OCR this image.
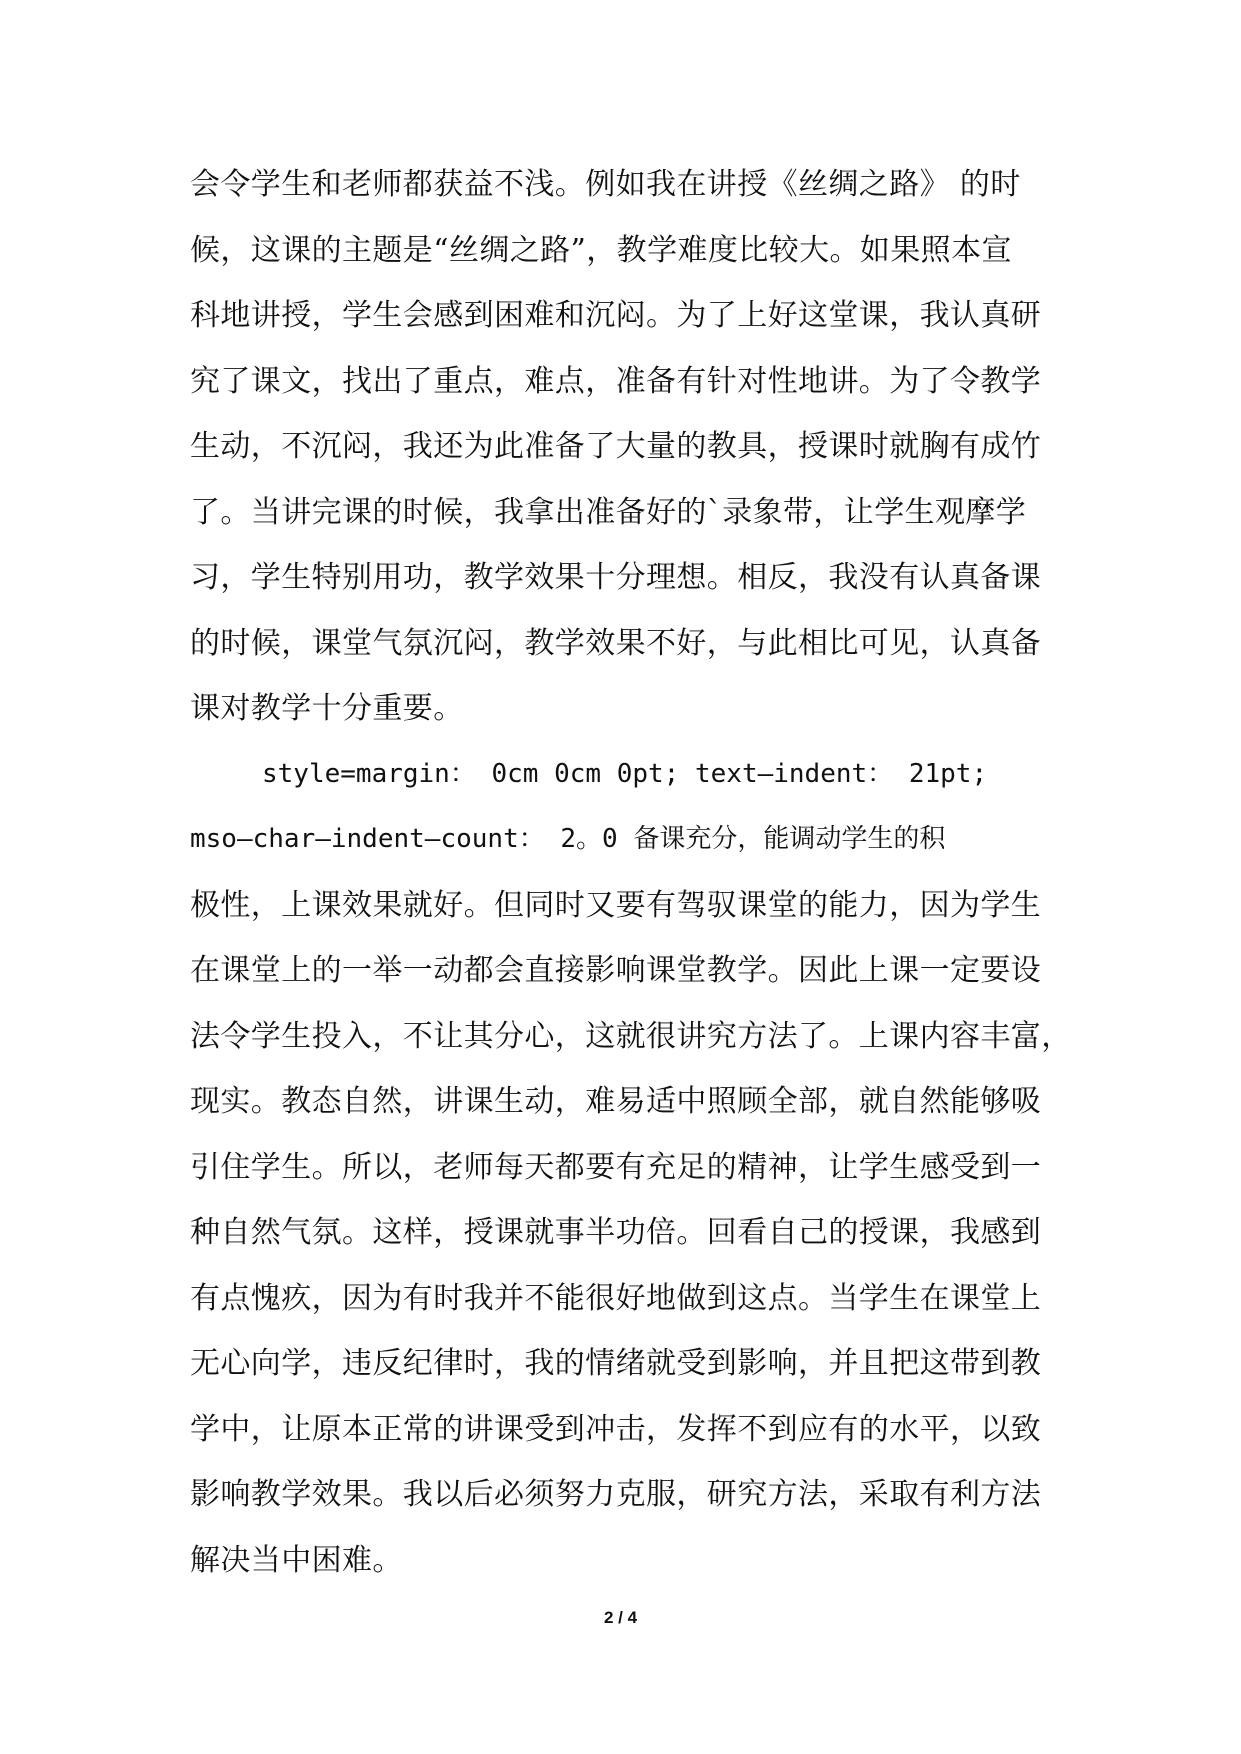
会令学生和老师都获益不浅。例如我在讲授《丝绸之路》 的时
候，这课的主题是“丝绸之路”，教学难度比较大。如果照本宣
科地讲授，学生会感到困难和沉闷。为了上好这堂课，我认真研
究了课文，找出了重点，难点，准备有针对性地讲。为了令教学
生动，不沉闷，我还为此准备了大量的教具，授课时就胸有成竹
了。当讲完课的时候，我拿出准备好的`录象带，让学生观摩学
习，学生特别用功，教学效果十分理想。相反，我没有认真备课
的时候，课堂气氛沉闷，教学效果不好，与此相比可见，认真备
课对教学十分重要。
style=margin： 0cm 0cm 0pt; text—indent： 21pt;
mso—char—indent—count： 2。0 备课充分，能调动学生的积
极性，上课效果就好。但同时又要有驾驭课堂的能力，因为学生
在课堂上的一举一动都会直接影响课堂教学。因此上课一定要设
法令学生投入，不让其分心，这就很讲究方法了。上课内容丰富，
现实。教态自然，讲课生动，难易适中照顾全部，就自然能够吸
引住学生。所以，老师每天都要有充足的精神，让学生感受到一
种自然气氛。这样，授课就事半功倍。回看自己的授课，我感到
有点愧疚，因为有时我并不能很好地做到这点。当学生在课堂上
无心向学，违反纪律时，我的情绪就受到影响，并且把这带到教
学中，让原本正常的讲课受到冲击，发挥不到应有的水平，以致
影响教学效果。我以后必须努力克服，研究方法，采取有利方法
解决当中困难。
2 / 4
